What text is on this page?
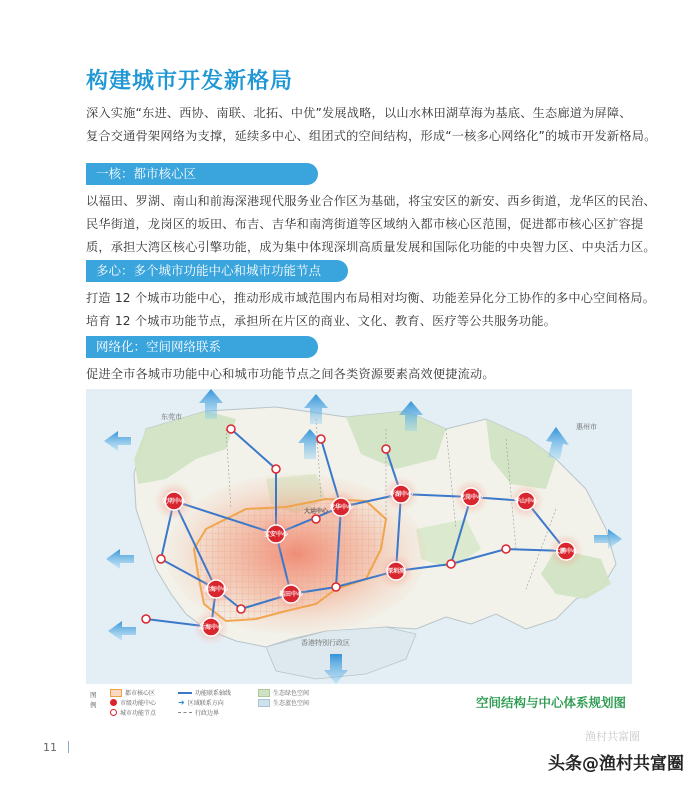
构建城市开发新格局

深入实施“东进、西协、南联、北拓、中优”发展战略，以山水林田湖草海为基底、生态廊道为屏障、

复合交通骨架网络为支撑，延续多中心、组团式的空间结构，形成“一核多心网络化”的城市开发新格局。

一核：都市核心区

以福田、罗湖、南山和前海深港现代服务业合作区为基础，将宝安区的新安、西乡街道，龙华区的民治、

民华街道，龙岗区的坂田、布吉、吉华和南湾街道等区域纳入都市核心区范围，促进都市核心区扩容提

质，承担大湾区核心引擎功能，成为集中体现深圳高质量发展和国际化功能的中央智力区、中央活力区。

多心：多个城市功能中心和城市功能节点

打造 12 个城市功能中心，推动形成市域范围内布局相对均衡、功能差异化分工协作的多中心空间格局。

培育 12 个城市功能节点，承担所在片区的商业、文化、教育、医疗等公共服务功能。

网络化：空间网络联系

促进全市各城市功能中心和城市功能节点之间各类资源要素高效便捷流动。

光明中心
宝安中心
龙华中心
罗湖中心
前海中心
后海中心
福田中心
深圳湾
坪山中心
龙岗中心
大鹏中心
大运中心
东莞市
惠州市
香港特别行政区
图例
都市核心区
市级功能中心
城市功能节点
功能联系轴线
➜ 区域联系方向
行政边界
生态绿色空间
生态蓝色空间	空间结构与中心体系规划图
11
渔村共富圈
头条@渔村共富圈
